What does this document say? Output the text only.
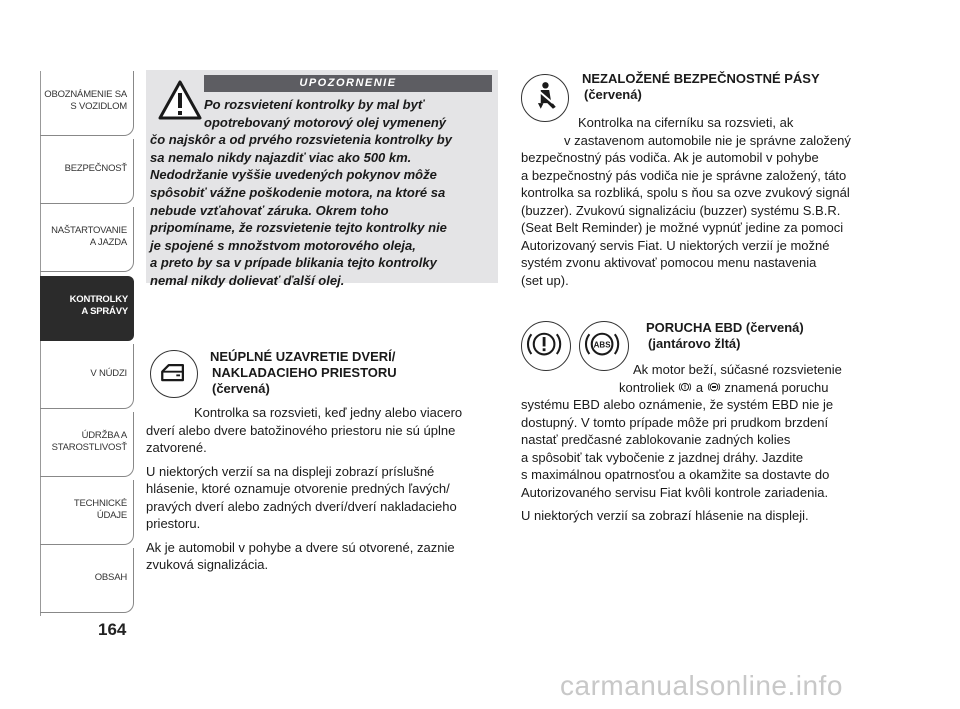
OBOZNÁMENIE SA
S VOZIDLOM
BEZPEČNOSŤ
NAŠTARTOVANIE
A JAZDA
KONTROLKY
A SPRÁVY
V NÚDZI
ÚDRŽBA A
STAROSTLIVOSŤ
TECHNICKÉ
ÚDAJE
OBSAH
164
UPOZORNENIE
Po rozsvietení kontrolky by mal byť
opotrebovaný motorový olej vymenený
čo najskôr a od prvého rozsvietenia kontrolky by
sa nemalo nikdy najazdiť viac ako 500 km.
Nedodržanie vyššie uvedených pokynov môže
spôsobiť vážne poškodenie motora, na ktoré sa
nebude vzťahovať záruka. Okrem toho
pripomíname, že rozsvietenie tejto kontrolky nie
je spojené s množstvom motorového oleja,
a preto by sa v prípade blikania tejto kontrolky
nemal nikdy dolievať ďalší olej.
NEÚPLNÉ UZAVRETIE DVERÍ/
NAKLADACIEHO PRIESTORU
(červená)

Kontrolka sa rozsvieti, keď jedny alebo viacero
dverí alebo dvere batožinového priestoru nie sú úplne
zatvorené.

U niektorých verzií sa na displeji zobrazí príslušné
hlásenie, ktoré oznamuje otvorenie predných ľavých/
pravých dverí alebo zadných dverí/dverí nakladacieho
priestoru.

Ak je automobil v pohybe a dvere sú otvorené, zaznie
zvuková signalizácia.

NEZALOŽENÉ BEZPEČNOSTNÉ PÁSY
(červená)
Kontrolka na ciferníku sa rozsvieti, ak
v zastavenom automobile nie je správne založený
bezpečnostný pás vodiča. Ak je automobil v pohybe
a bezpečnostný pás vodiča nie je správne založený, táto
kontrolka sa rozbliká, spolu s ňou sa ozve zvukový signál
(buzzer). Zvukovú signalizáciu (buzzer) systému S.B.R.
(Seat Belt Reminder) je možné vypnúť jedine za pomoci
Autorizovaný servis Fiat. U niektorých verzií je možné
systém zvonu aktivovať pomocou menu nastavenia
(set up).
ABS
PORUCHA EBD (červená)
(jantárovo žltá)
Ak motor beží, súčasné rozsvietenie
kontroliek a znamená poruchu
systému EBD alebo oznámenie, že systém EBD nie je
dostupný. V tomto prípade môže pri prudkom brzdení
nastať predčasné zablokovanie zadných kolies
a spôsobiť tak vybočenie z jazdnej dráhy. Jazdite
s maximálnou opatrnosťou a okamžite sa dostavte do
Autorizovaného servisu Fiat kvôli kontrole zariadenia.
U niektorých verzií sa zobrazí hlásenie na displeji.
carmanualsonline.info
